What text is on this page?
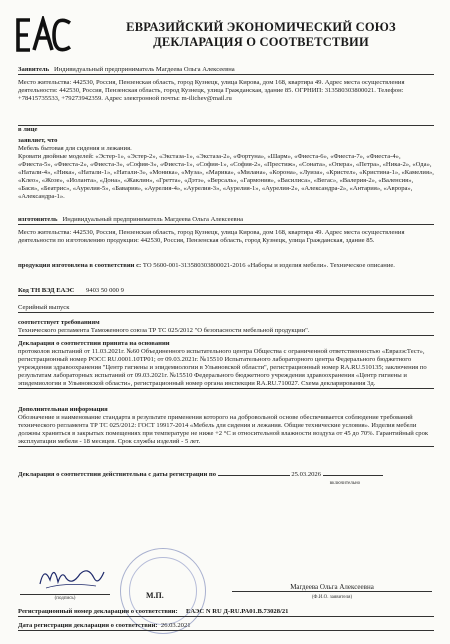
ЕВРАЗИЙСКИЙ ЭКОНОМИЧЕСКИЙ СОЮЗ
ДЕКЛАРАЦИЯ О СООТВЕТСТВИИ
Заявитель Индивидуальный предприниматель Магдеева Ольга Алексеевна
Место жительства: 442530, Россия, Пензенская область, город Кузнецк, улица Кирова, дом 168, квартира 49. Адрес места осуществления деятельности: 442530, Россия, Пензенская область, город Кузнецк, улица Гражданская, здание 85. ОГРНИП: 313580303800021. Телефон: +78415735533, +79273942359. Адрес электронной почты: m-ilichev@mail.ru
в лице
заявляет, что
Мебель бытовая для сидения и лежания.
Кровати двойные моделей: «Эстер-1», «Эстер-2», «Экстаза-1», «Экстаза-2», «Фортуна», «Шарм», «Фиеста-6», «Фиеста-7», «Фиеста-4», «Фиеста-5», «Фиеста-2», «Фиеста-3», «София-3», «Фиеста-1», «София-1», «София-2», «Престиж», «Соната», «Опера», «Петра», «Ника-2», «Ода», «Натали-4», «Ника», «Натали-1», «Натали-3», «Моника», «Муза», «Марика», «Милана», «Корона», «Луиза», «Кристел», «Кристина-1», «Камелия», «Клео», «Жозе», «Иоланта», «Дона», «Жаклин», «Гретта», «Дэтэ», «Версаль», «Гармония», «Василиса», «Вегас», «Валерия-2», «Валенсия», «Бася», «Беатрис», «Аурелия-5», «Бавария», «Аурелия-4», «Аурелия-3», «Аурелия-1», «Аурелия-2», «Александра-2», «Антария», «Аврора», «Александра-1».
изготовитель Индивидуальный предприниматель Магдеева Ольга Алексеевна
Место жительства: 442530, Россия, Пензенская область, город Кузнецк, улица Кирова, дом 168, квартира 49. Адрес места осуществления деятельности по изготовлению продукции: 442530, Россия, Пензенская область, город Кузнецк, улица Гражданская, здание 85.
продукция изготовлена в соответствии с: ТО 5600-001-313580303800021-2016 «Наборы и изделия мебели». Техническое описание.
Код ТН ВЭД ЕАЭС 9403 50 000 9
Серийный выпуск
соответствует требованиям
Технического регламента Таможенного союза ТР ТС 025/2012 "О безопасности мебельной продукции".
Декларация о соответствии принята на основании
протоколов испытаний от 11.03.2021г. №60 Объединенного испытательного центра Общества с ограниченной ответственностью «ЕвразэсТест», регистрационный номер РОСС RU.0001.10ТР01; от 09.03.2021г. №15510 Испытательного лабораторного центра Федерального бюджетного учреждения здравоохранения "Центр гигиены и эпидемиологии в Ульяновской области", регистрационный номер RA.RU.510135; заключения по результатам лабораторных испытаний от 09.03.2021г. №15510 Федерального бюджетного учреждения здравоохранения «Центр гигиены и эпидемиологии в Ульяновской области», регистрационный номер органа инспекции RA.RU.710027. Схема декларирования 3д.
Дополнительная информация
Обозначение и наименование стандарта в результате применения которого на добровольной основе обеспечивается соблюдение требований технического регламента ТР ТС 025/2012: ГОСТ 19917-2014 «Мебель для сидения и лежания. Общие технические условия». Изделия мебели должны храниться в закрытых помещениях при температуре не ниже +2 °С и относительной влажности воздуха от 45 до 70%. Гарантийный срок эксплуатации мебели - 18 месяцев. Срок службы изделий - 5 лет.
Декларация о соответствии действительна с даты регистрации по	25.03.2026
включительно
(подпись)	М.П.
Магдеева Ольга Алексеевна
(Ф.И.О. заявителя)
Регистрационный номер декларации о соответствии: ЕАЭС N RU Д-RU.РА01.В.73028/21
Дата регистрации декларации о соответствии: 26.03.2021
